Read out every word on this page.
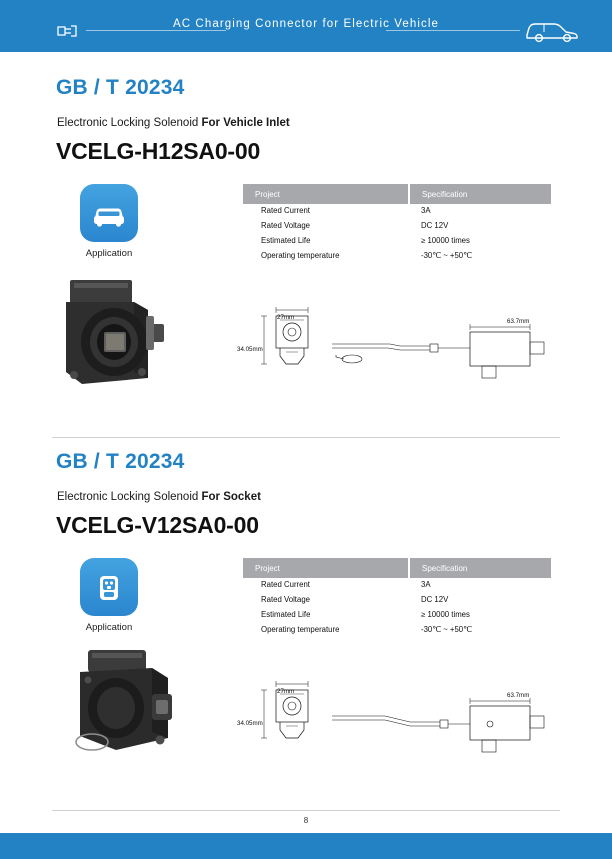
AC Charging Connector for Electric Vehicle
GB / T 20234
Electronic Locking Solenoid For Vehicle Inlet
VCELG-H12SA0-00
Application
Project	Specification
Rated Current	3A
Rated Voltage	DC 12V
Estimated Life	≥ 10000 times
Operating temperature	-30℃ ~ +50℃
27mm
34.05mm
63.7mm
GB / T 20234
Electronic Locking Solenoid For Socket
VCELG-V12SA0-00
Application
Project	Specification
Rated Current	3A
Rated Voltage	DC 12V
Estimated Life	≥ 10000 times
Operating temperature	-30℃ ~ +50℃
27mm
34.05mm
63.7mm
8
